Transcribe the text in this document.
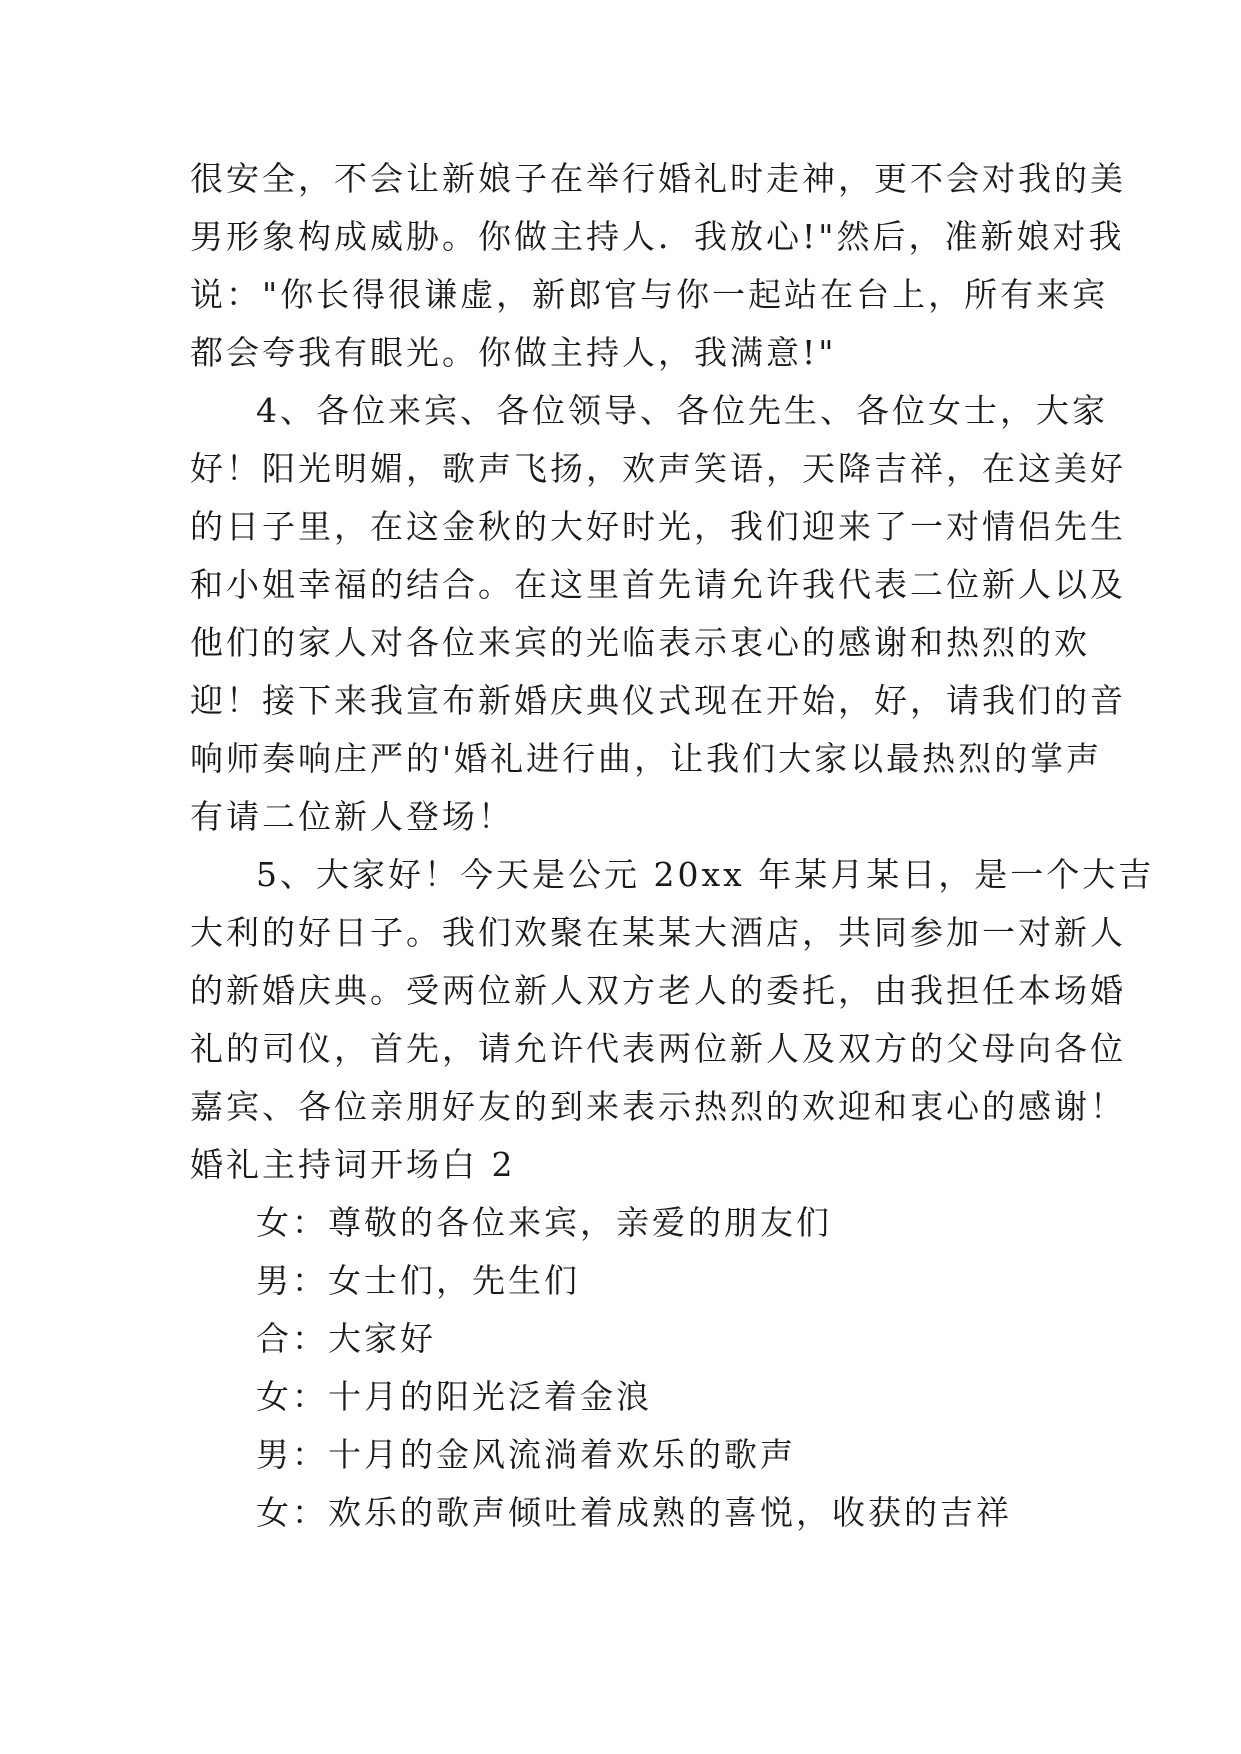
很安全，不会让新娘子在举行婚礼时走神，更不会对我的美
男形象构成威胁。你做主持人．我放心!"然后，准新娘对我
说："你长得很谦虚，新郎官与你一起站在台上，所有来宾
都会夸我有眼光。你做主持人，我满意!"
4、各位来宾、各位领导、各位先生、各位女士，大家
好！阳光明媚，歌声飞扬，欢声笑语，天降吉祥，在这美好
的日子里，在这金秋的大好时光，我们迎来了一对情侣先生
和小姐幸福的结合。在这里首先请允许我代表二位新人以及
他们的家人对各位来宾的光临表示衷心的感谢和热烈的欢
迎！接下来我宣布新婚庆典仪式现在开始，好，请我们的音
响师奏响庄严的'婚礼进行曲，让我们大家以最热烈的掌声
有请二位新人登场！
5、大家好！今天是公元 20xx 年某月某日，是一个大吉
大利的好日子。我们欢聚在某某大酒店，共同参加一对新人
的新婚庆典。受两位新人双方老人的委托，由我担任本场婚
礼的司仪，首先，请允许代表两位新人及双方的父母向各位
嘉宾、各位亲朋好友的到来表示热烈的欢迎和衷心的感谢！
婚礼主持词开场白 2
女：尊敬的各位来宾，亲爱的朋友们
男：女士们，先生们
合：大家好
女：十月的阳光泛着金浪
男：十月的金风流淌着欢乐的歌声
女：欢乐的歌声倾吐着成熟的喜悦，收获的吉祥
